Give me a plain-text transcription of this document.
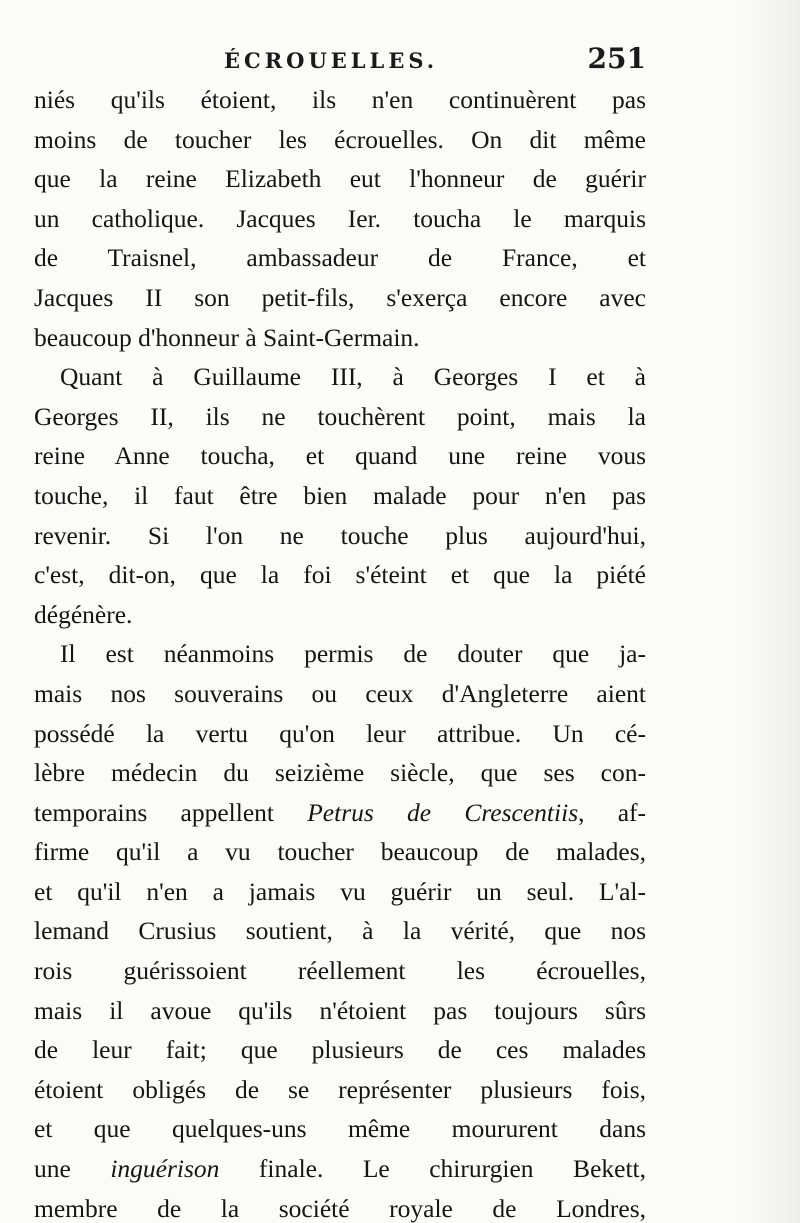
ÉCROUELLES.	251
niés qu'ils étoient, ils n'en continuèrent pas
moins de toucher les écrouelles. On dit même
que la reine Elizabeth eut l'honneur de guérir
un catholique. Jacques Ier. toucha le marquis
de Traisnel, ambassadeur de France, et
Jacques II son petit-fils, s'exerça encore avec
beaucoup d'honneur à Saint-Germain.
Quant à Guillaume III, à Georges I et à
Georges II, ils ne touchèrent point, mais la
reine Anne toucha, et quand une reine vous
touche, il faut être bien malade pour n'en pas
revenir. Si l'on ne touche plus aujourd'hui,
c'est, dit-on, que la foi s'éteint et que la piété
dégénère.
Il est néanmoins permis de douter que ja-
mais nos souverains ou ceux d'Angleterre aient
possédé la vertu qu'on leur attribue. Un cé-
lèbre médecin du seizième siècle, que ses con-
temporains appellent Petrus de Crescentiis, af-
firme qu'il a vu toucher beaucoup de malades,
et qu'il n'en a jamais vu guérir un seul. L'al-
lemand Crusius soutient, à la vérité, que nos
rois guérissoient réellement les écrouelles,
mais il avoue qu'ils n'étoient pas toujours sûrs
de leur fait; que plusieurs de ces malades
étoient obligés de se représenter plusieurs fois,
et que quelques-uns même moururent dans
une inguérison finale. Le chirurgien Bekett,
membre de la société royale de Londres,
